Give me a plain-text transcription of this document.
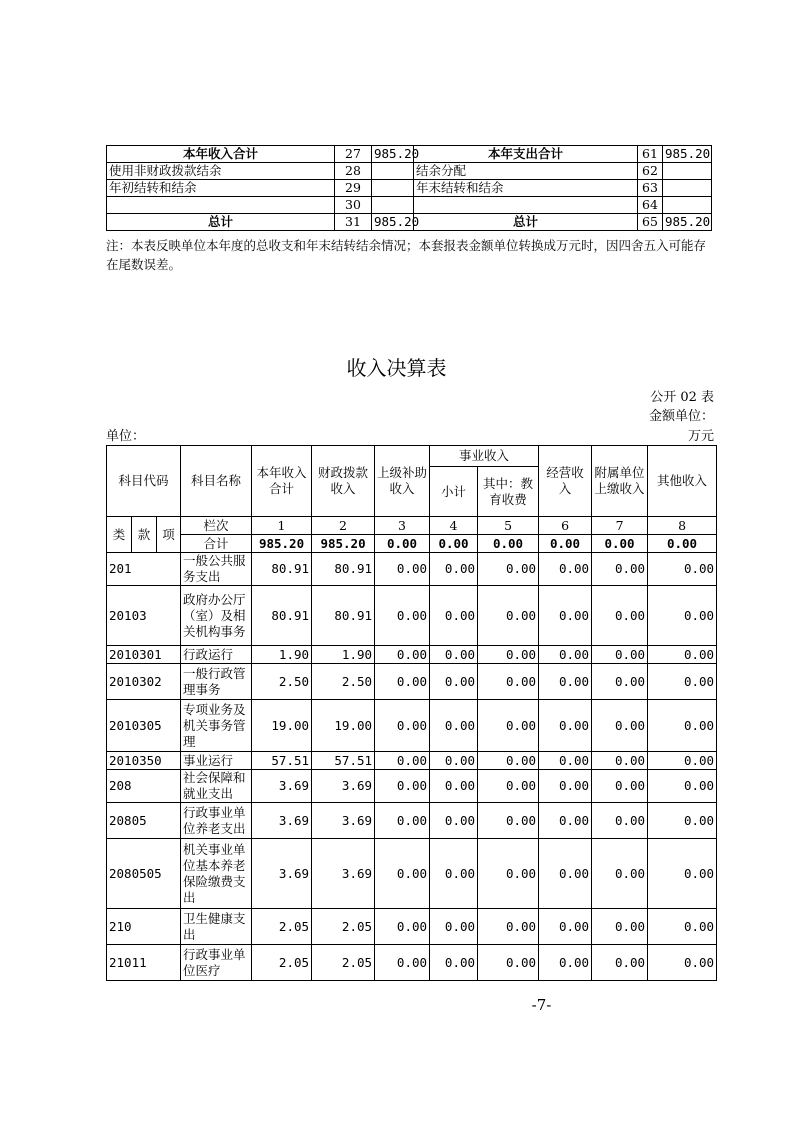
本年收入合计	27	985.20	本年支出合计	61	985.20
使用非财政拨款结余	28		结余分配	62	
年初结转和结余	29		年末结转和结余	63	
	30			64	
总计	31	985.20	总计	65	985.20
注：本表反映单位本年度的总收支和年末结转结余情况；本套报表金额单位转换成万元时，因四舍五入可能存在尾数误差。
收入决算表
公开 02 表
金额单位：
单位：	万元
科目代码			科目名称	本年收入合计	财政拨款收入	上级补助收入	事业收入		经营收入	附属单位上缴收入	其他收入
							小计	其中：教育收费			

类	款	项	栏次	1	2	3	4	5	6	7	8
			合计	985.20	985.20	0.00	0.00	0.00	0.00	0.00	0.00
201			一般公共服务支出	80.91	80.91	0.00	0.00	0.00	0.00	0.00	0.00
20103			政府办公厅（室）及相关机构事务	80.91	80.91	0.00	0.00	0.00	0.00	0.00	0.00
2010301			行政运行	1.90	1.90	0.00	0.00	0.00	0.00	0.00	0.00
2010302			一般行政管理事务	2.50	2.50	0.00	0.00	0.00	0.00	0.00	0.00
2010305			专项业务及机关事务管理	19.00	19.00	0.00	0.00	0.00	0.00	0.00	0.00
2010350			事业运行	57.51	57.51	0.00	0.00	0.00	0.00	0.00	0.00
208			社会保障和就业支出	3.69	3.69	0.00	0.00	0.00	0.00	0.00	0.00
20805			行政事业单位养老支出	3.69	3.69	0.00	0.00	0.00	0.00	0.00	0.00
2080505			机关事业单位基本养老保险缴费支出	3.69	3.69	0.00	0.00	0.00	0.00	0.00	0.00
210			卫生健康支出	2.05	2.05	0.00	0.00	0.00	0.00	0.00	0.00
21011			行政事业单位医疗	2.05	2.05	0.00	0.00	0.00	0.00	0.00	0.00
-7-
